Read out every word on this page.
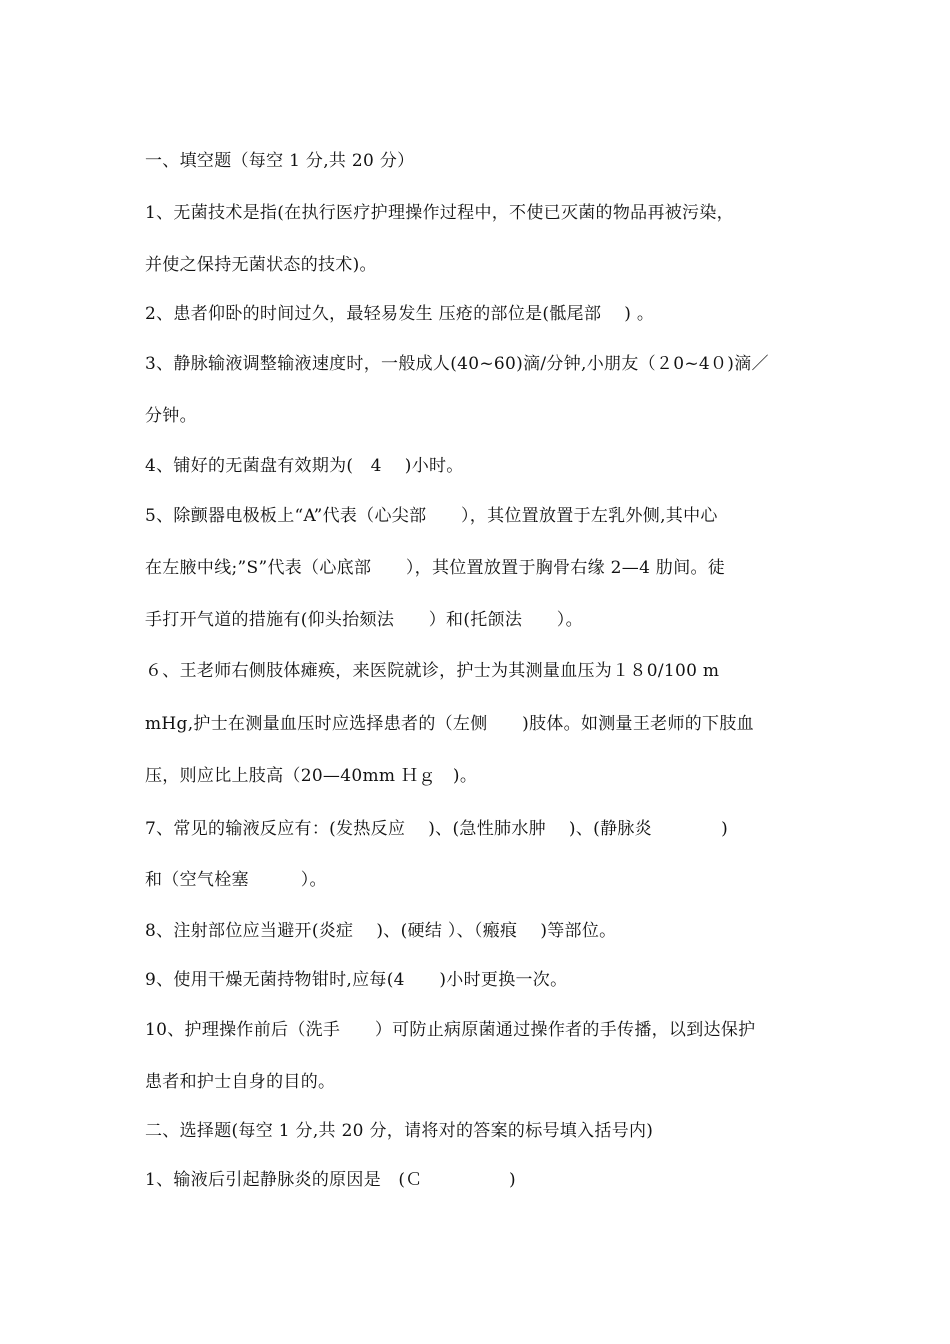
一、填空题（每空 1 分,共 20 分）
1、无菌技术是指(在执行医疗护理操作过程中，不使已灭菌的物品再被污染，
并使之保持无菌状态的技术)。
2、患者仰卧的时间过久，最轻易发生 压疮的部位是(骶尾部　 ) 。
3、静脉输液调整输液速度时，一般成人(40~60)滴/分钟,小朋友（２0~4０)滴／
分钟。
4、铺好的无菌盘有效期为(　4　 )小时。
5、除颤器电极板上“A”代表（心尖部　　），其位置放置于左乳外侧,其中心
在左腋中线;”S”代表（心底部　　），其位置放置于胸骨右缘 2—4 肋间。徒
手打开气道的措施有(仰头抬颏法　　）和(托颌法　　）。
６、王老师右侧肢体瘫痪，来医院就诊，护士为其测量血压为１８0/100 m
mHg,护士在测量血压时应选择患者的（左侧　　)肢体。如测量王老师的下肢血
压，则应比上肢高（20—40mm Ｈｇ　)。
7、常见的输液反应有：(发热反应　 )、(急性肺水肿　 )、(静脉炎　　　　)
和（空气栓塞　　　）。
8、注射部位应当避开(炎症　 )、(硬结 ）、（瘢痕　 )等部位。
9、使用干燥无菌持物钳时,应每(4　　)小时更换一次。
10、护理操作前后（洗手　　）可防止病原菌通过操作者的手传播，以到达保护
患者和护士自身的目的。
二、选择题(每空 1 分,共 20 分，请将对的答案的标号填入括号内)
1、输液后引起静脉炎的原因是　(Ｃ　　　　　)
